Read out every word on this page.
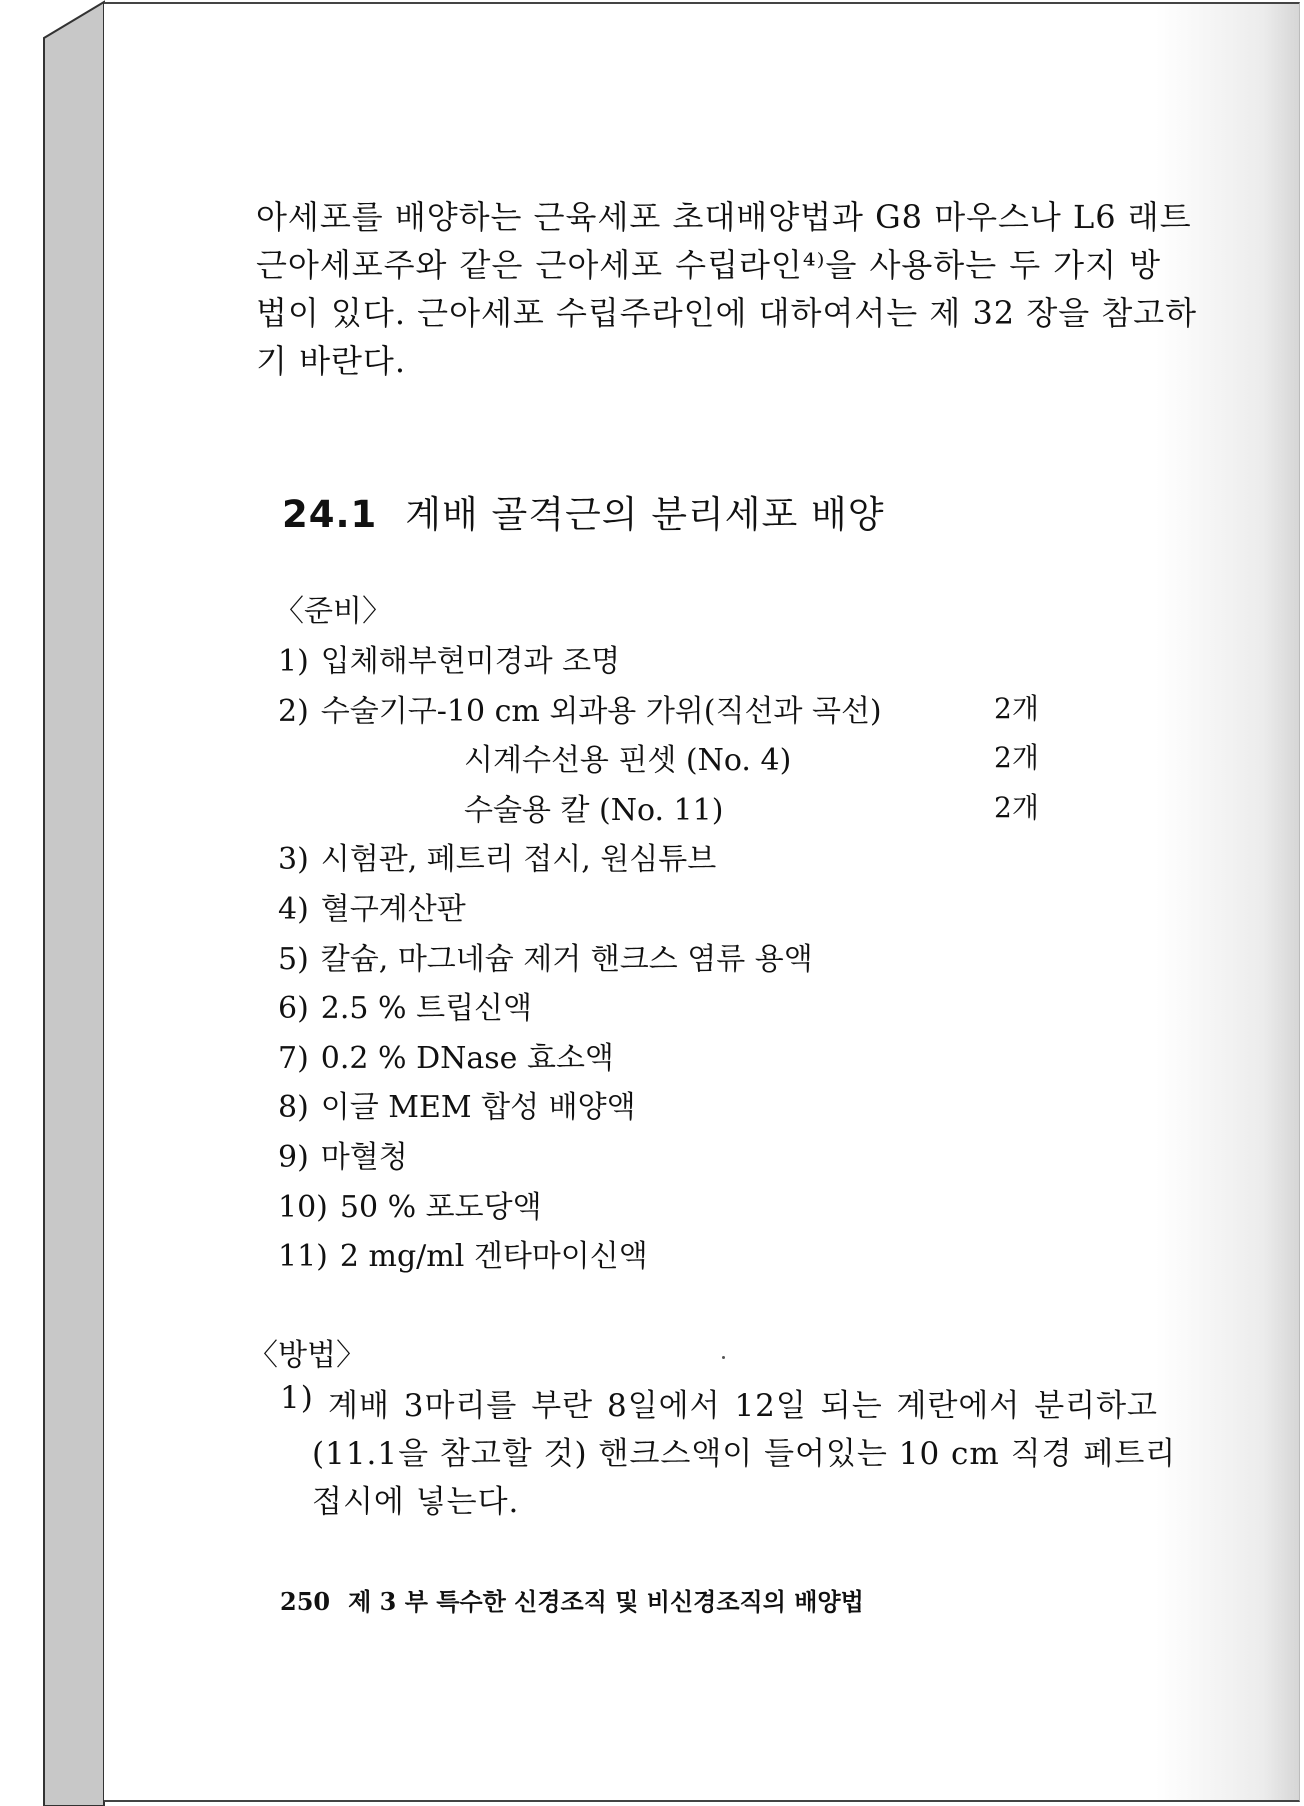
아세포를 배양하는 근육세포 초대배양법과 G8 마우스나 L6 래트
근아세포주와 같은 근아세포 수립라인⁴⁾을 사용하는 두 가지 방
법이 있다. 근아세포 수립주라인에 대하여서는 제 32 장을 참고하
기 바란다.
24.1 계배 골격근의 분리세포 배양
〈준비〉
1) 입체해부현미경과 조명
2) 수술기구-10 cm 외과용 가위(직선과 곡선)	2개
시계수선용 핀셋 (No. 4)	2개
수술용 칼 (No. 11)	2개
3) 시험관, 페트리 접시, 원심튜브
4) 혈구계산판
5) 칼슘, 마그네슘 제거 핸크스 염류 용액
6) 2.5 % 트립신액
7) 0.2 % DNase 효소액
8) 이글 MEM 합성 배양액
9) 마혈청
10) 50 % 포도당액
11) 2 mg/ml 겐타마이신액
〈방법〉
1) 계배 3마리를 부란 8일에서 12일 되는 계란에서 분리하고
(11.1을 참고할 것) 핸크스액이 들어있는 10 cm 직경 페트리
접시에 넣는다.
250 제 3 부 특수한 신경조직 및 비신경조직의 배양법
